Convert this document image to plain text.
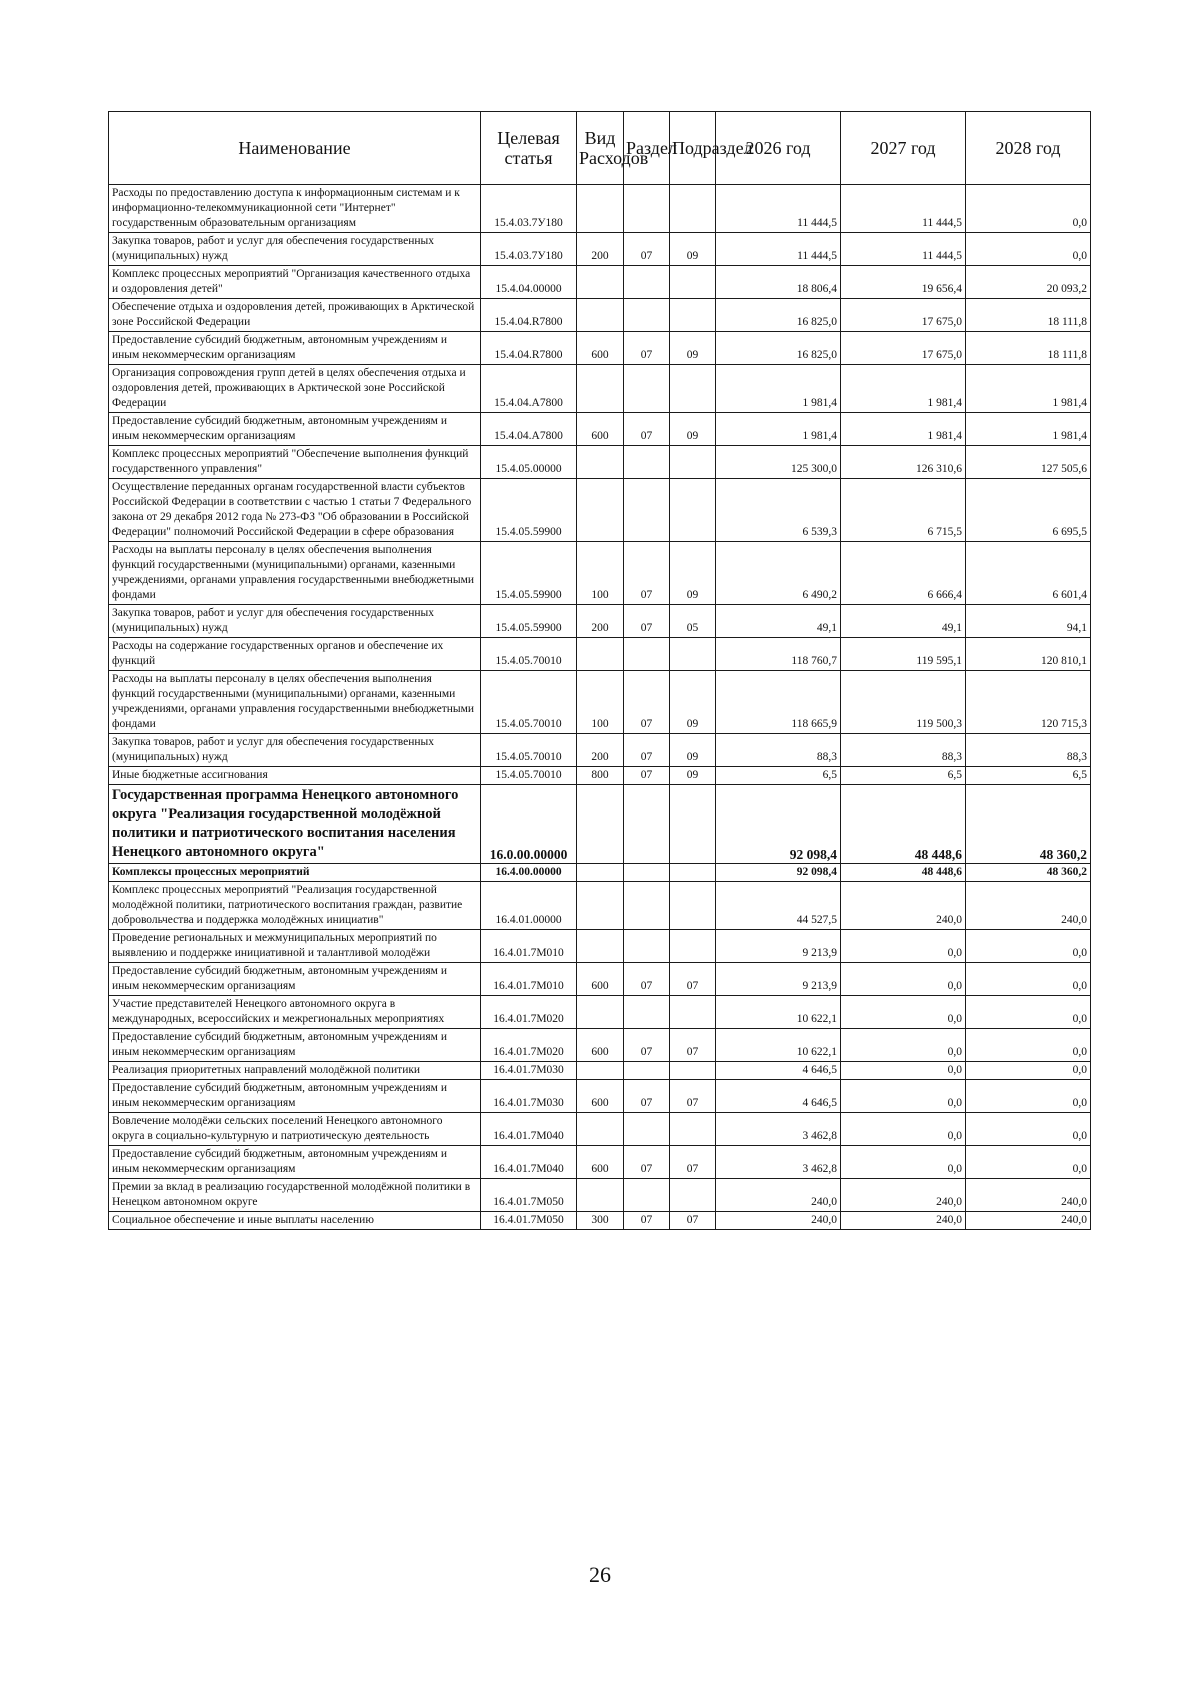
Наименование	Целевая статья	Вид Расходов	Раздел	Подраздел	2026 год	2027 год	2028 год
Расходы по предоставлению доступа к информационным системам и к информационно-телекоммуникационной сети "Интернет" государственным образовательным организациям	15.4.03.7У180				11 444,5	11 444,5	0,0
Закупка товаров, работ и услуг для обеспечения государственных (муниципальных) нужд	15.4.03.7У180	200	07	09	11 444,5	11 444,5	0,0
Комплекс процессных мероприятий "Организация качественного отдыха и оздоровления детей"	15.4.04.00000				18 806,4	19 656,4	20 093,2
Обеспечение отдыха и оздоровления детей, проживающих в Арктической зоне Российской Федерации	15.4.04.R7800				16 825,0	17 675,0	18 111,8
Предоставление субсидий бюджетным, автономным учреждениям и иным некоммерческим организациям	15.4.04.R7800	600	07	09	16 825,0	17 675,0	18 111,8
Организация сопровождения групп детей в целях обеспечения отдыха и оздоровления детей, проживающих в Арктической зоне Российской Федерации	15.4.04.А7800				1 981,4	1 981,4	1 981,4
Предоставление субсидий бюджетным, автономным учреждениям и иным некоммерческим организациям	15.4.04.А7800	600	07	09	1 981,4	1 981,4	1 981,4
Комплекс процессных мероприятий "Обеспечение выполнения функций государственного управления"	15.4.05.00000				125 300,0	126 310,6	127 505,6
Осуществление переданных органам государственной власти субъектов Российской Федерации в соответствии с частью 1 статьи 7 Федерального закона от 29 декабря 2012 года № 273-ФЗ "Об образовании в Российской Федерации" полномочий Российской Федерации в сфере образования	15.4.05.59900				6 539,3	6 715,5	6 695,5
Расходы на выплаты персоналу в целях обеспечения выполнения функций государственными (муниципальными) органами, казенными учреждениями, органами управления государственными внебюджетными фондами	15.4.05.59900	100	07	09	6 490,2	6 666,4	6 601,4
Закупка товаров, работ и услуг для обеспечения государственных (муниципальных) нужд	15.4.05.59900	200	07	05	49,1	49,1	94,1
Расходы на содержание государственных органов и обеспечение их функций	15.4.05.70010				118 760,7	119 595,1	120 810,1
Расходы на выплаты персоналу в целях обеспечения выполнения функций государственными (муниципальными) органами, казенными учреждениями, органами управления государственными внебюджетными фондами	15.4.05.70010	100	07	09	118 665,9	119 500,3	120 715,3
Закупка товаров, работ и услуг для обеспечения государственных (муниципальных) нужд	15.4.05.70010	200	07	09	88,3	88,3	88,3
Иные бюджетные ассигнования	15.4.05.70010	800	07	09	6,5	6,5	6,5
Государственная программа Ненецкого автономного округа "Реализация государственной молодёжной политики и патриотического воспитания населения Ненецкого автономного округа"	16.0.00.00000				92 098,4	48 448,6	48 360,2
Комплексы процессных мероприятий	16.4.00.00000				92 098,4	48 448,6	48 360,2
Комплекс процессных мероприятий "Реализация государственной молодёжной политики, патриотического воспитания граждан, развитие добровольчества и поддержка молодёжных инициатив"	16.4.01.00000				44 527,5	240,0	240,0
Проведение региональных и межмуниципальных мероприятий по выявлению и поддержке инициативной и талантливой молодёжи	16.4.01.7М010				9 213,9	0,0	0,0
Предоставление субсидий бюджетным, автономным учреждениям и иным некоммерческим организациям	16.4.01.7М010	600	07	07	9 213,9	0,0	0,0
Участие представителей Ненецкого автономного округа в международных, всероссийских и межрегиональных мероприятиях	16.4.01.7М020				10 622,1	0,0	0,0
Предоставление субсидий бюджетным, автономным учреждениям и иным некоммерческим организациям	16.4.01.7М020	600	07	07	10 622,1	0,0	0,0
Реализация приоритетных направлений молодёжной политики	16.4.01.7М030				4 646,5	0,0	0,0
Предоставление субсидий бюджетным, автономным учреждениям и иным некоммерческим организациям	16.4.01.7М030	600	07	07	4 646,5	0,0	0,0
Вовлечение молодёжи сельских поселений Ненецкого автономного округа в социально-культурную и патриотическую деятельность	16.4.01.7М040				3 462,8	0,0	0,0
Предоставление субсидий бюджетным, автономным учреждениям и иным некоммерческим организациям	16.4.01.7М040	600	07	07	3 462,8	0,0	0,0
Премии за вклад в реализацию государственной молодёжной политики в Ненецком автономном округе	16.4.01.7М050				240,0	240,0	240,0
Социальное обеспечение и иные выплаты населению	16.4.01.7М050	300	07	07	240,0	240,0	240,0
26
